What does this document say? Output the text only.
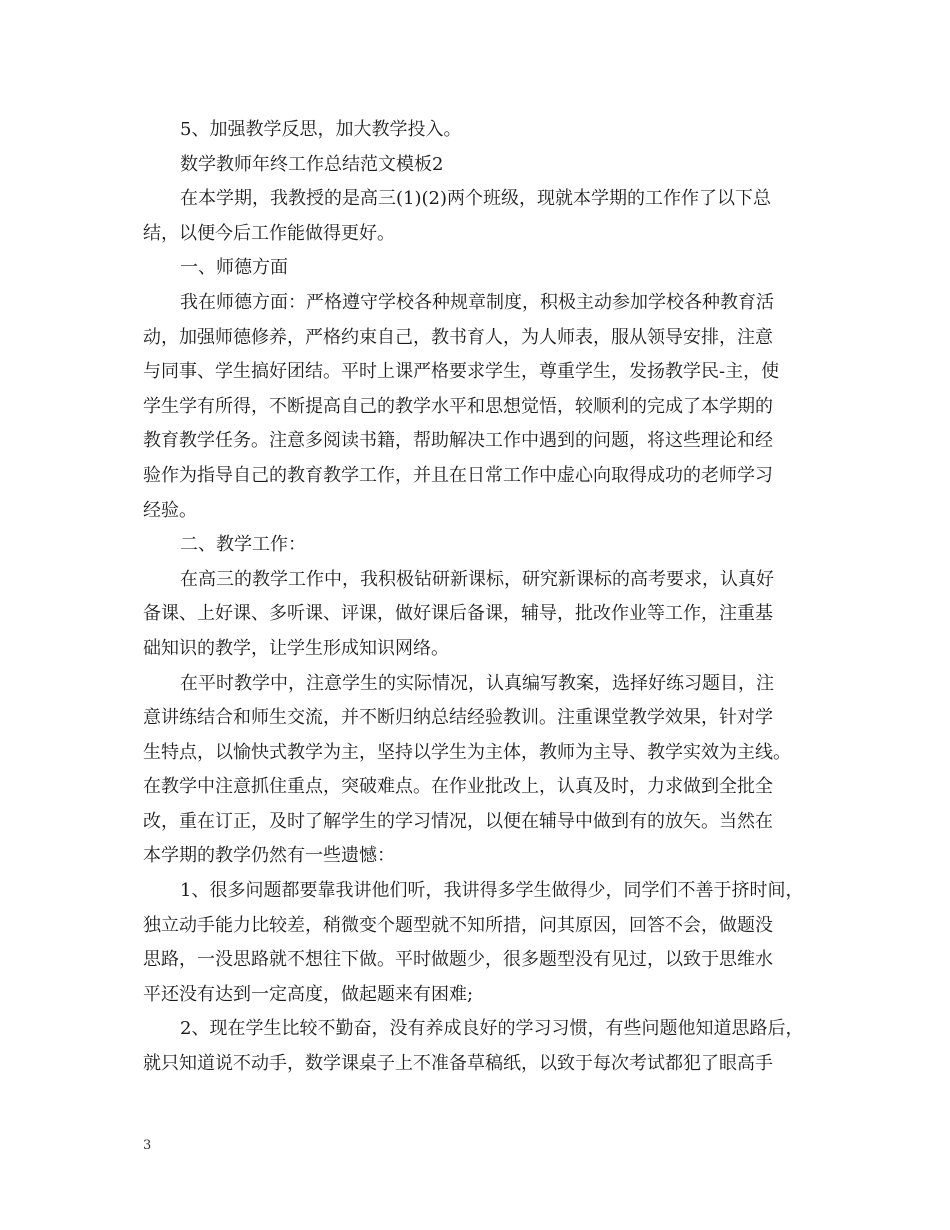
5、加强教学反思，加大教学投入。
数学教师年终工作总结范文模板2
在本学期，我教授的是高三(1)(2)两个班级，现就本学期的工作作了以下总
结，以便今后工作能做得更好。
一、师德方面
我在师德方面：严格遵守学校各种规章制度，积极主动参加学校各种教育活
动，加强师德修养，严格约束自己，教书育人，为人师表，服从领导安排，注意
与同事、学生搞好团结。平时上课严格要求学生，尊重学生，发扬教学民-主，使
学生学有所得，不断提高自己的教学水平和思想觉悟，较顺利的完成了本学期的
教育教学任务。注意多阅读书籍，帮助解决工作中遇到的问题，将这些理论和经
验作为指导自己的教育教学工作，并且在日常工作中虚心向取得成功的老师学习
经验。
二、教学工作：
在高三的教学工作中，我积极钻研新课标，研究新课标的高考要求，认真好
备课、上好课、多听课、评课，做好课后备课，辅导，批改作业等工作，注重基
础知识的教学，让学生形成知识网络。
在平时教学中，注意学生的实际情况，认真编写教案，选择好练习题目，注
意讲练结合和师生交流，并不断归纳总结经验教训。注重课堂教学效果，针对学
生特点，以愉快式教学为主，坚持以学生为主体，教师为主导、教学实效为主线。
在教学中注意抓住重点，突破难点。在作业批改上，认真及时，力求做到全批全
改，重在订正，及时了解学生的学习情况，以便在辅导中做到有的放矢。当然在
本学期的教学仍然有一些遗憾：
1、很多问题都要靠我讲他们听，我讲得多学生做得少，同学们不善于挤时间，
独立动手能力比较差，稍微变个题型就不知所措，问其原因，回答不会，做题没
思路，一没思路就不想往下做。平时做题少，很多题型没有见过，以致于思维水
平还没有达到一定高度，做起题来有困难;
2、现在学生比较不勤奋，没有养成良好的学习习惯，有些问题他知道思路后，
就只知道说不动手，数学课桌子上不准备草稿纸，以致于每次考试都犯了眼高手
3
